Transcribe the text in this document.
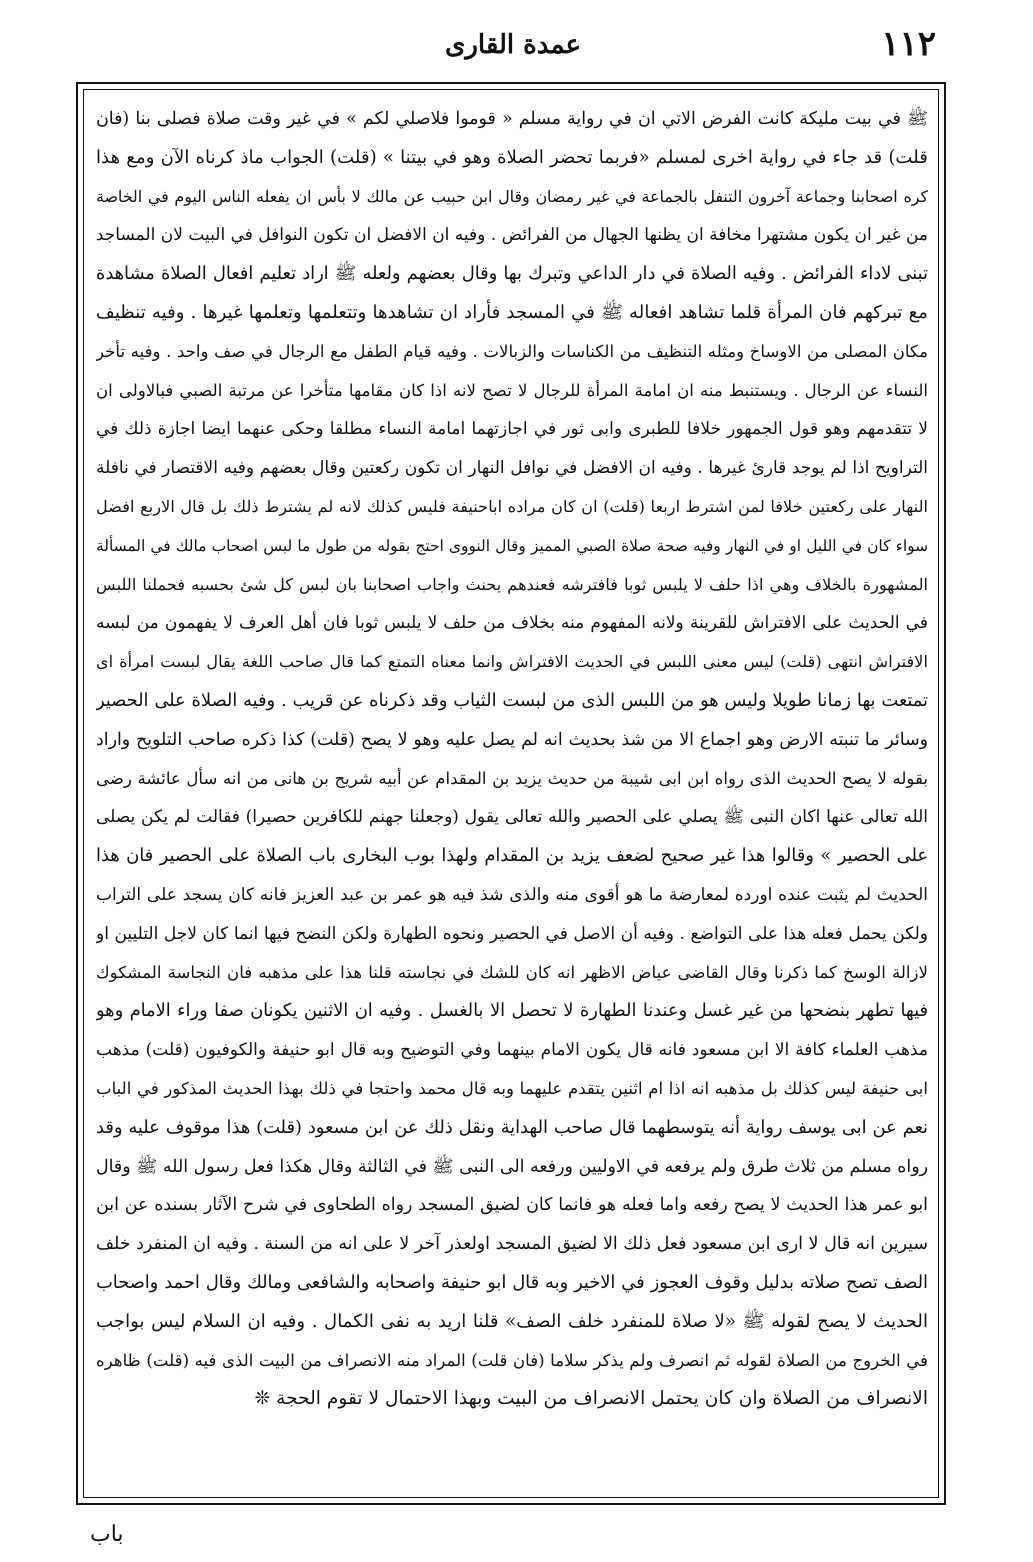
١١٢
عمدة القارى
ﷺ في بيت مليكة كانت الفرض الاتي ان في رواية مسلم « قوموا فلاصلي لكم » في غير وقت صلاة فصلى بنا (فان
قلت) قد جاء في رواية اخرى لمسلم «فربما تحضر الصلاة وهو في بيتنا » (قلت) الجواب ماذ كرناه الآن ومع هذا
كره اصحابنا وجماعة آخرون التنفل بالجماعة في غير رمضان وقال ابن حبيب عن مالك لا بأس ان يفعله الناس اليوم في الخاصة
من غير ان يكون مشتهرا مخافة ان يظنها الجهال من الفرائض . وفيه ان الافضل ان تكون النوافل في البيت لان المساجد
تبنى لاداء الفرائض . وفيه الصلاة في دار الداعي وتبرك بها وقال بعضهم ولعله ﷺ اراد تعليم افعال الصلاة مشاهدة
مع تبركهم فان المرأة قلما تشاهد افعاله ﷺ في المسجد فأراد ان تشاهدها وتتعلمها وتعلمها غيرها . وفيه تنظيف
مكان المصلى من الاوساخ ومثله التنظيف من الكناسات والزبالات . وفيه قيام الطفل مع الرجال في صف واحد . وفيه تأخر
النساء عن الرجال . ويستنبط منه ان امامة المرأة للرجال لا تصح لانه اذا كان مقامها متأخرا عن مرتبة الصبي فبالاولى ان
لا تتقدمهم وهو قول الجمهور خلافا للطبرى وابى ثور في اجازتهما امامة النساء مطلقا وحكى عنهما ايضا اجازة ذلك في
التراويح اذا لم يوجد قارئ غيرها . وفيه ان الافضل في نوافل النهار ان تكون ركعتين وقال بعضهم وفيه الاقتصار في نافلة
النهار على ركعتين خلافا لمن اشترط اربعا (قلت) ان كان مراده اباحنيفة فليس كذلك لانه لم يشترط ذلك بل قال الاربع افضل
سواء كان في الليل او في النهار وفيه صحة صلاة الصبي المميز وقال النووى احتج بقوله من طول ما لبس اصحاب مالك في المسألة
المشهورة بالخلاف وهي اذا حلف لا يلبس ثوبا فافترشه فعندهم يحنث واجاب اصحابنا بان لبس كل شئ بحسبه فحملنا اللبس
في الحديث على الافتراش للقرينة ولانه المفهوم منه بخلاف من حلف لا يلبس ثوبا فان أهل العرف لا يفهمون من لبسه
الافتراش انتهى (قلت) ليس معنى اللبس في الحديث الافتراش وانما معناه التمتع كما قال صاحب اللغة يقال لبست امرأة اى
تمتعت بها زمانا طويلا وليس هو من اللبس الذى من لبست الثياب وقد ذكرناه عن قريب . وفيه الصلاة على الحصير
وسائر ما تنبته الارض وهو اجماع الا من شذ بحديث انه لم يصل عليه وهو لا يصح (قلت) كذا ذكره صاحب التلويح واراد
بقوله لا يصح الحديث الذى رواه ابن ابى شيبة من حديث يزيد بن المقدام عن أبيه شريح بن هانى من انه سأل عائشة رضى
الله تعالى عنها اكان النبى ﷺ يصلي على الحصير والله تعالى يقول (وجعلنا جهنم للكافرين حصيرا) فقالت لم يكن يصلى
على الحصير » وقالوا هذا غير صحيح لضعف يزيد بن المقدام ولهذا بوب البخارى باب الصلاة على الحصير فان هذا
الحديث لم يثبت عنده اورده لمعارضة ما هو أقوى منه والذى شذ فيه هو عمر بن عبد العزيز فانه كان يسجد على التراب
ولكن يحمل فعله هذا على التواضع . وفيه أن الاصل في الحصير ونحوه الطهارة ولكن النضح فيها انما كان لاجل التليين او
لازالة الوسخ كما ذكرنا وقال القاضى عياض الاظهر انه كان للشك في نجاسته قلنا هذا على مذهبه فان النجاسة المشكوك
فيها تطهر بنضحها من غير غسل وعندنا الطهارة لا تحصل الا بالغسل . وفيه ان الاثنين يكونان صفا وراء الامام وهو
مذهب العلماء كافة الا ابن مسعود فانه قال يكون الامام بينهما وفي التوضيح وبه قال ابو حنيفة والكوفيون (قلت) مذهب
ابى حنيفة ليس كذلك بل مذهبه انه اذا ام اثنين يتقدم عليهما وبه قال محمد واحتجا في ذلك بهذا الحديث المذكور في الباب
نعم عن ابى يوسف رواية أنه يتوسطهما قال صاحب الهداية ونقل ذلك عن ابن مسعود (قلت) هذا موقوف عليه وقد
رواه مسلم من ثلاث طرق ولم يرفعه في الاوليين ورفعه الى النبى ﷺ في الثالثة وقال هكذا فعل رسول الله ﷺ وقال
ابو عمر هذا الحديث لا يصح رفعه واما فعله هو فانما كان لضيق المسجد رواه الطحاوى في شرح الآثار بسنده عن ابن
سيرين انه قال لا ارى ابن مسعود فعل ذلك الا لضيق المسجد اولعذر آخر لا على انه من السنة . وفيه ان المنفرد خلف
الصف تصح صلاته بدليل وقوف العجوز في الاخير وبه قال ابو حنيفة واصحابه والشافعى ومالك وقال احمد واصحاب
الحديث لا يصح لقوله ﷺ «لا صلاة للمنفرد خلف الصف» قلنا اريد به نفى الكمال . وفيه ان السلام ليس بواجب
في الخروج من الصلاة لقوله ثم انصرف ولم يذكر سلاما (فان قلت) المراد منه الانصراف من البيت الذى فيه (قلت) ظاهره
الانصراف من الصلاة وان كان يحتمل الانصراف من البيت وبهذا الاحتمال لا تقوم الحجة ❊
باب
